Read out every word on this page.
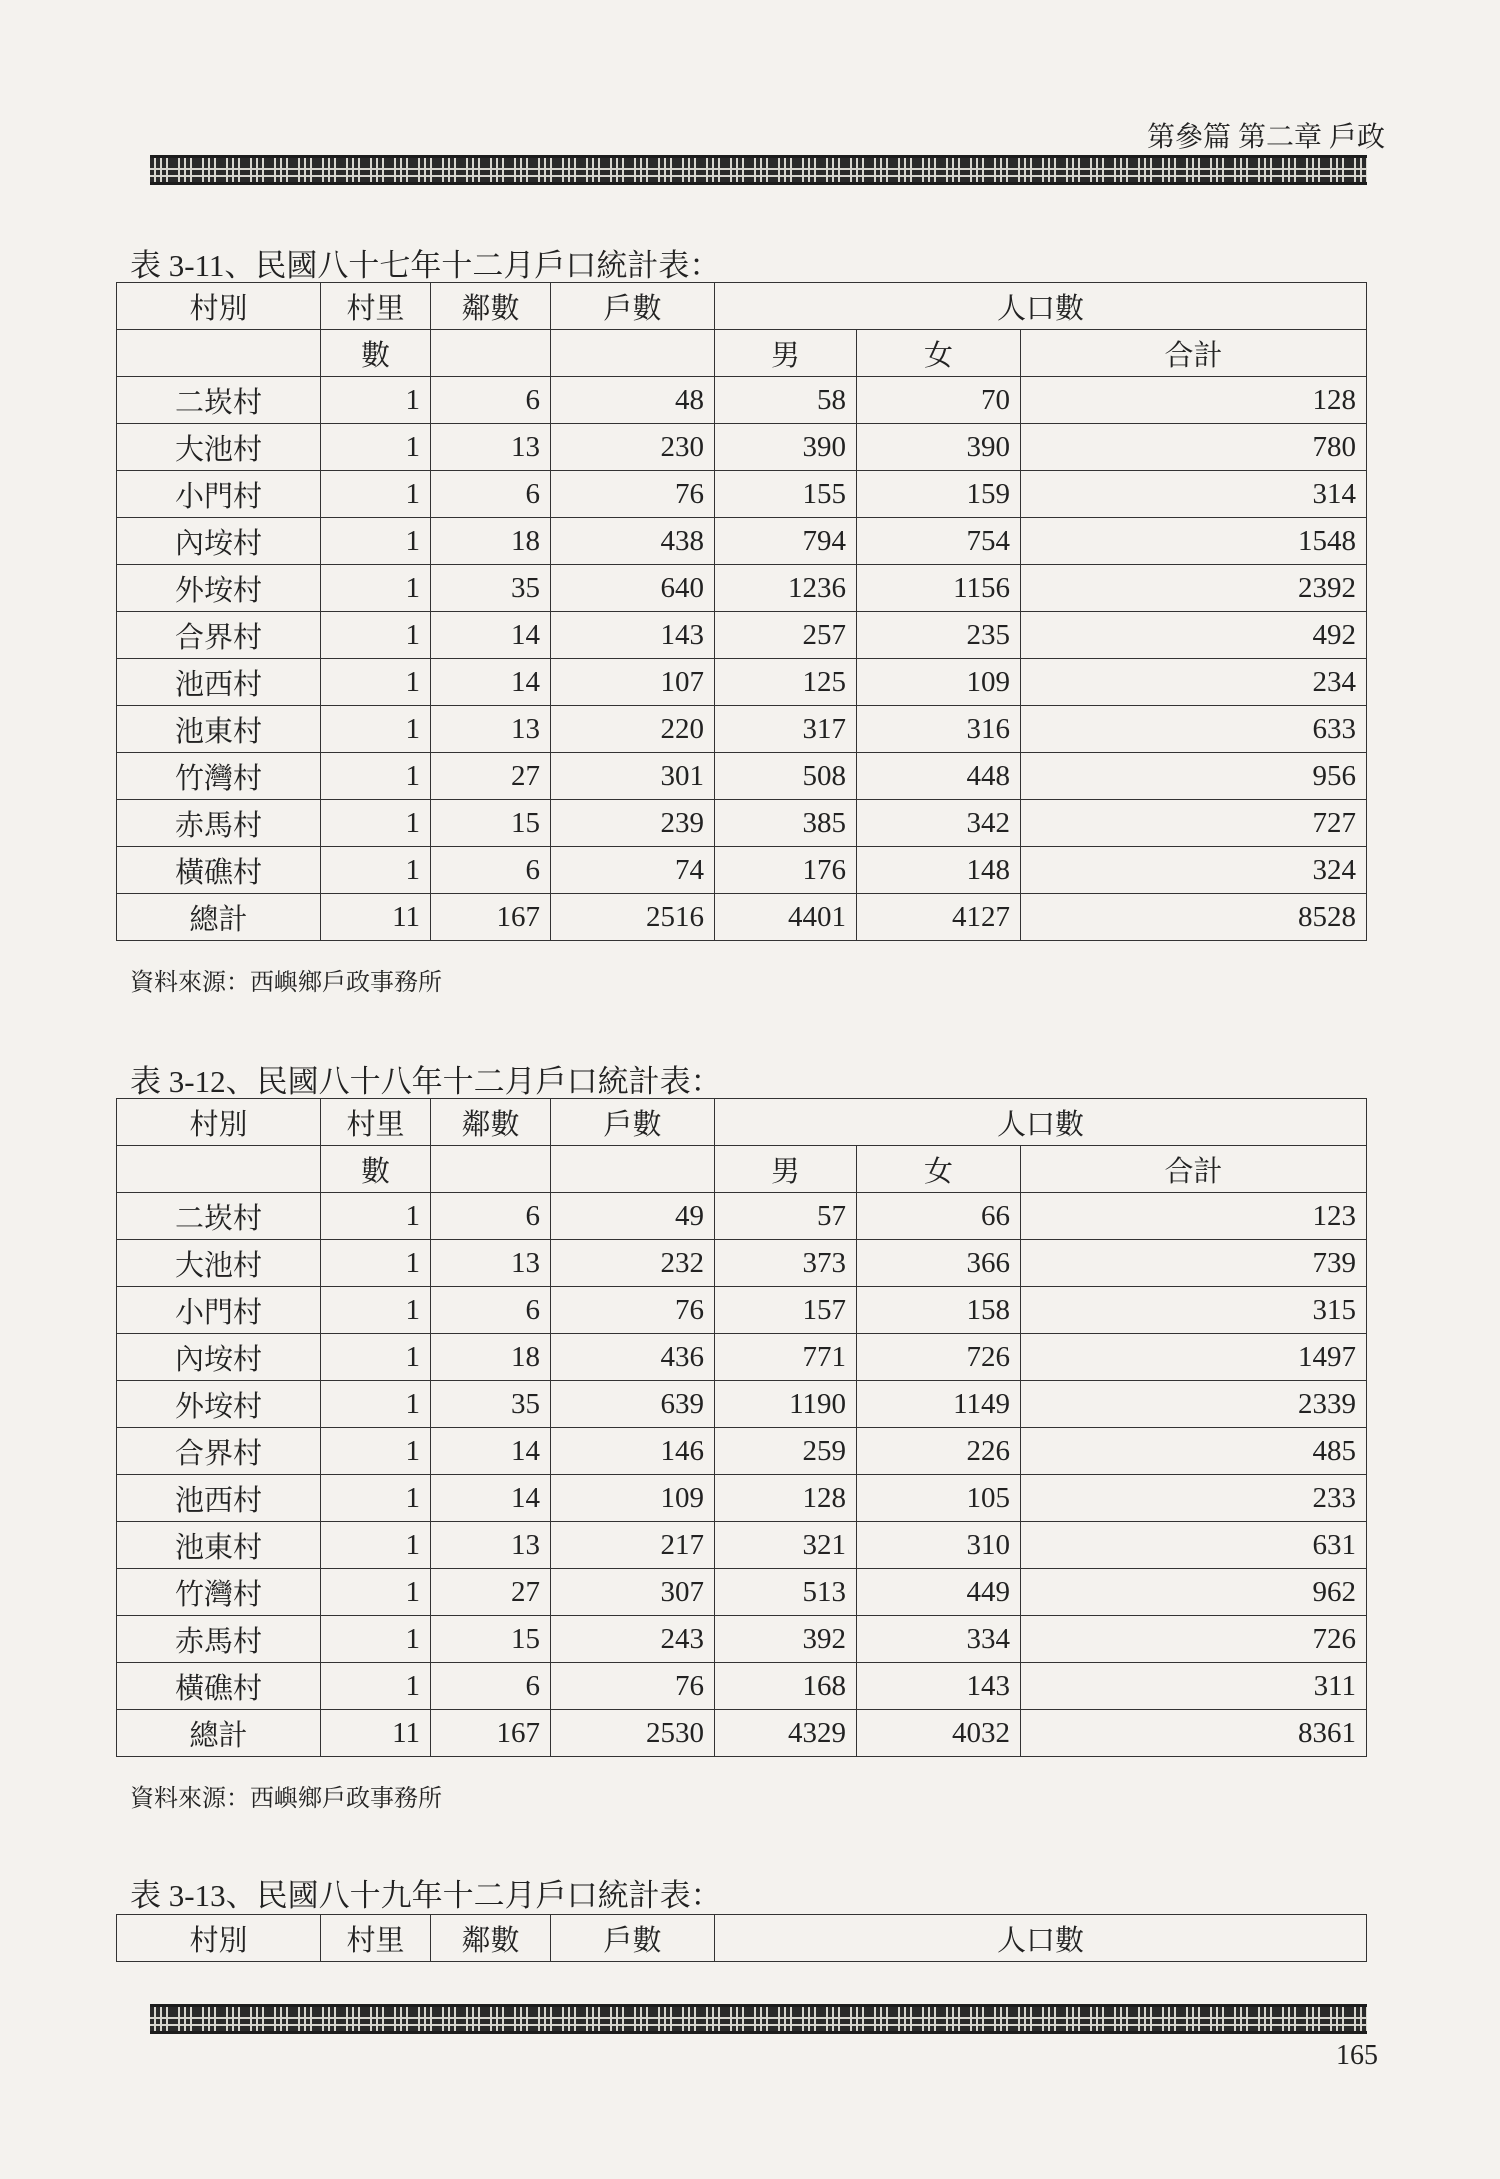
第參篇 第二章 戶政
表 3-11、民國八十七年十二月戶口統計表：
村別	村里	鄰數	戶數	人口數		
	數			男	女	合計
二崁村	1	6	48	58	70	128
大池村	1	13	230	390	390	780
小門村	1	6	76	155	159	314
內垵村	1	18	438	794	754	1548
外垵村	1	35	640	1236	1156	2392
合界村	1	14	143	257	235	492
池西村	1	14	107	125	109	234
池東村	1	13	220	317	316	633
竹灣村	1	27	301	508	448	956
赤馬村	1	15	239	385	342	727
橫礁村	1	6	74	176	148	324
總計	11	167	2516	4401	4127	8528
資料來源：西嶼鄉戶政事務所
表 3-12、民國八十八年十二月戶口統計表：
村別	村里	鄰數	戶數	人口數		
	數			男	女	合計
二崁村	1	6	49	57	66	123
大池村	1	13	232	373	366	739
小門村	1	6	76	157	158	315
內垵村	1	18	436	771	726	1497
外垵村	1	35	639	1190	1149	2339
合界村	1	14	146	259	226	485
池西村	1	14	109	128	105	233
池東村	1	13	217	321	310	631
竹灣村	1	27	307	513	449	962
赤馬村	1	15	243	392	334	726
橫礁村	1	6	76	168	143	311
總計	11	167	2530	4329	4032	8361
資料來源：西嶼鄉戶政事務所
表 3-13、民國八十九年十二月戶口統計表：
村別	村里	鄰數	戶數	人口數
165
